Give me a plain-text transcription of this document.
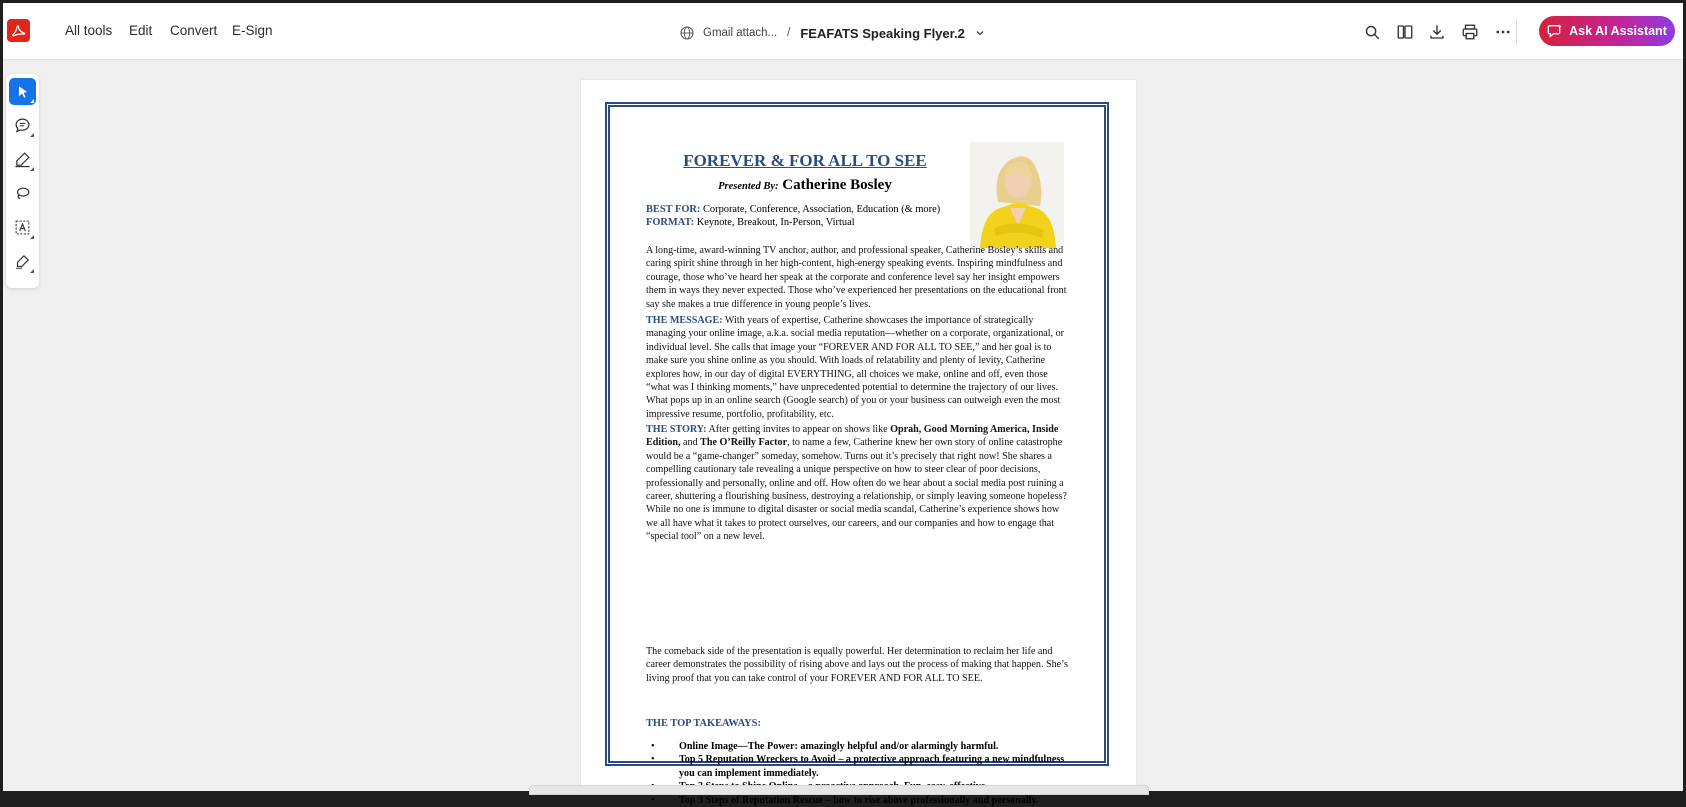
All tools Edit Convert E-Sign	Gmail attach... / FEAFATS Speaking Flyer.2	Ask AI Assistant
FOREVER & FOR ALL TO SEE
Presented By: Catherine Bosley
BEST FOR: Corporate, Conference, Association, Education (& more)
FORMAT: Keynote, Breakout, In-Person, Virtual
A long-time, award-winning TV anchor, author, and professional speaker, Catherine Bosley’s skills and caring spirit shine through in her high-content, high-energy speaking events. Inspiring mindfulness and courage, those who’ve heard her speak at the corporate and conference level say her insight empowers them in ways they never expected. Those who’ve experienced her presentations on the educational front say she makes a true difference in young people’s lives.
THE MESSAGE: With years of expertise, Catherine showcases the importance of strategically managing your online image, a.k.a. social media reputation—whether on a corporate, organizational, or individual level. She calls that image your “FOREVER AND FOR ALL TO SEE,” and her goal is to make sure you shine online as you should. With loads of relatability and plenty of levity, Catherine explores how, in our day of digital EVERYTHING, all choices we make, online and off, even those “what was I thinking moments,” have unprecedented potential to determine the trajectory of our lives. What pops up in an online search (Google search) of you or your business can outweigh even the most impressive resume, portfolio, profitability, etc.
THE STORY: After getting invites to appear on shows like Oprah, Good Morning America, Inside Edition, and The O’Reilly Factor, to name a few, Catherine knew her own story of online catastrophe would be a “game-changer” someday, somehow. Turns out it’s precisely that right now! She shares a compelling cautionary tale revealing a unique perspective on how to steer clear of poor decisions, professionally and personally, online and off. How often do we hear about a social media post ruining a career, shuttering a flourishing business, destroying a relationship, or simply leaving someone hopeless? While no one is immune to digital disaster or social media scandal, Catherine’s experience shows how we all have what it takes to protect ourselves, our careers, and our companies and how to engage that “special tool” on a new level.
The comeback side of the presentation is equally powerful. Her determination to reclaim her life and career demonstrates the possibility of rising above and lays out the process of making that happen. She’s living proof that you can take control of your FOREVER AND FOR ALL TO SEE.
THE TOP TAKEAWAYS:
• Online Image—The Power: amazingly helpful and/or alarmingly harmful.
• Top 5 Reputation Wreckers to Avoid – a protective approach featuring a new mindfulness you can implement immediately.
•
• Top 3 Steps of Reputation Rescue – how to rise above professionally and personally.
